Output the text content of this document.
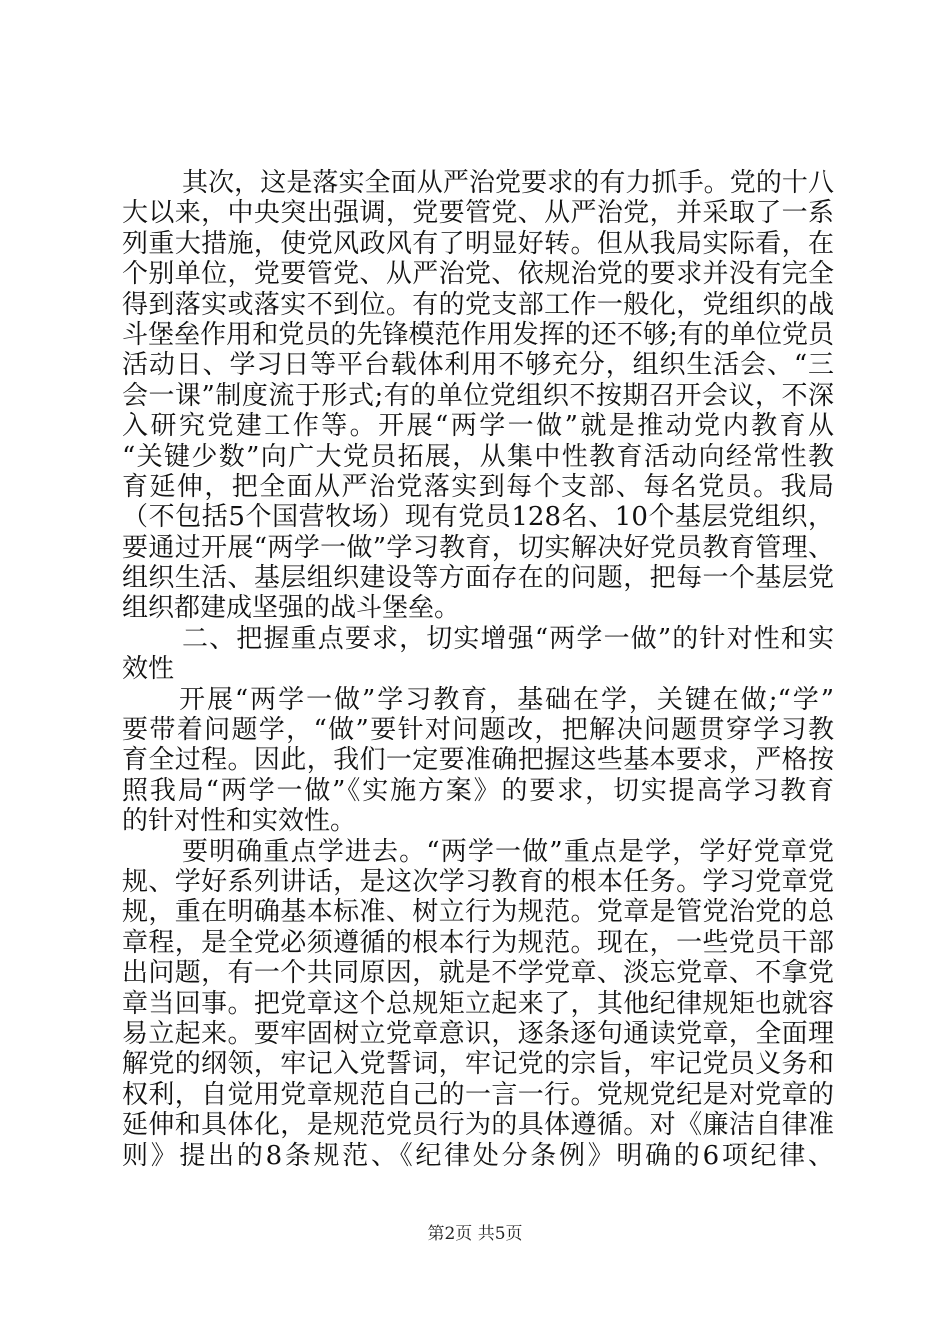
其次，这是落实全面从严治党要求的有力抓手。党的十八
大以来，中央突出强调，党要管党、从严治党，并采取了一系
列重大措施，使党风政风有了明显好转。但从我局实际看，在
个别单位，党要管党、从严治党、依规治党的要求并没有完全
得到落实或落实不到位。有的党支部工作一般化，党组织的战
斗堡垒作用和党员的先锋模范作用发挥的还不够;有的单位党员
活动日、学习日等平台载体利用不够充分，组织生活会、“三
会一课”制度流于形式;有的单位党组织不按期召开会议，不深
入研究党建工作等。开展“两学一做”就是推动党内教育从
“关键少数”向广大党员拓展，从集中性教育活动向经常性教
育延伸，把全面从严治党落实到每个支部、每名党员。我局
（不包括5个国营牧场）现有党员128名、10个基层党组织，
要通过开展“两学一做”学习教育，切实解决好党员教育管理、
组织生活、基层组织建设等方面存在的问题，把每一个基层党
组织都建成坚强的战斗堡垒。
二、把握重点要求，切实增强“两学一做”的针对性和实
效性
开展“两学一做”学习教育，基础在学，关键在做;“学”
要带着问题学，“做”要针对问题改，把解决问题贯穿学习教
育全过程。因此，我们一定要准确把握这些基本要求，严格按
照我局“两学一做”《实施方案》的要求，切实提高学习教育
的针对性和实效性。
要明确重点学进去。“两学一做”重点是学，学好党章党
规、学好系列讲话，是这次学习教育的根本任务。学习党章党
规，重在明确基本标准、树立行为规范。党章是管党治党的总
章程，是全党必须遵循的根本行为规范。现在，一些党员干部
出问题，有一个共同原因，就是不学党章、淡忘党章、不拿党
章当回事。把党章这个总规矩立起来了，其他纪律规矩也就容
易立起来。要牢固树立党章意识，逐条逐句通读党章，全面理
解党的纲领，牢记入党誓词，牢记党的宗旨，牢记党员义务和
权利，自觉用党章规范自己的一言一行。党规党纪是对党章的
延伸和具体化，是规范党员行为的具体遵循。对《廉洁自律准
则》提出的8条规范、《纪律处分条例》明确的6项纪律、
第2页 共5页
